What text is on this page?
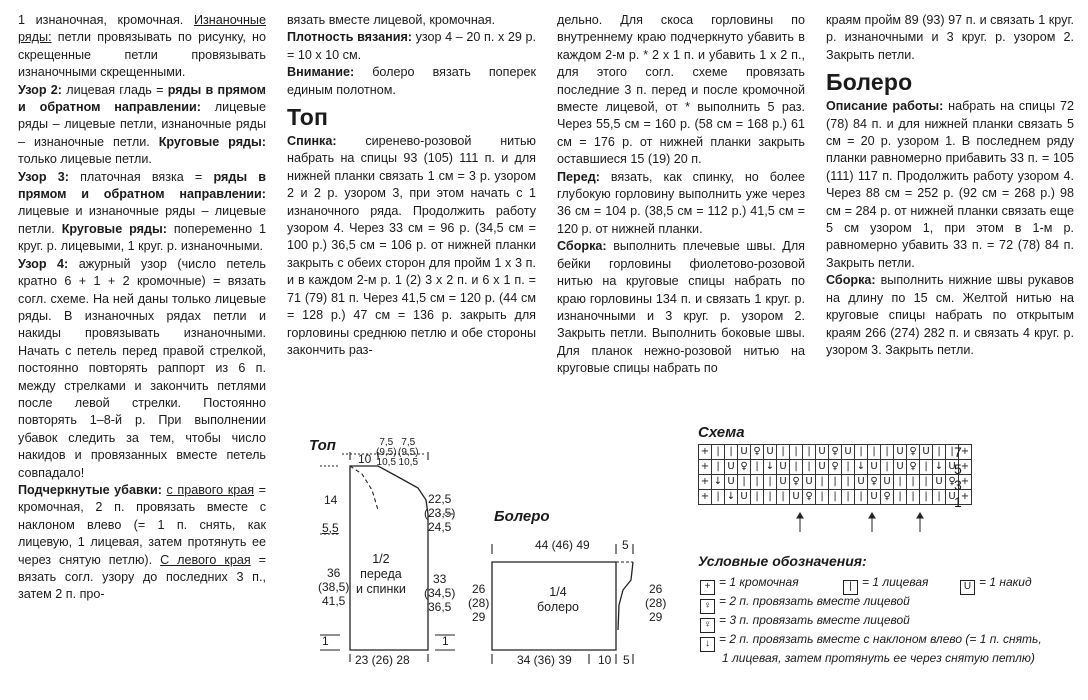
1 изнаночная, кромочная. Изнаночные ряды: петли провязывать по рисунку, но скрещенные петли провязывать изнаночными скрещенными.

Узор 2: лицевая гладь = ряды в прямом и обратном направлении: лицевые ряды – лицевые петли, изнаночные ряды – изнаночные петли. Круговые ряды: только лицевые петли.

Узор 3: платочная вязка = ряды в прямом и обратном направлении: лицевые и изнаночные ряды – лицевые петли. Круговые ряды: попеременно 1 круг. р. лицевыми, 1 круг. р. изнаночными.

Узор 4: ажурный узор (число петель кратно 6 + 1 + 2 кромочные) = вязать согл. схеме. На ней даны только лицевые ряды. В изнаночных рядах петли и накиды провязывать изнаночными. Начать с петель перед правой стрелкой, постоянно повторять раппорт из 6 п. между стрелками и закончить петлями после левой стрелки. Постоянно повторять 1–8-й р. При выполнении убавок следить за тем, чтобы число накидов и провязанных вместе петель совпадало!

Подчеркнутые убавки: с правого края = кромочная, 2 п. провязать вместе с наклоном влево (= 1 п. снять, как лицевую, 1 лицевая, затем протянуть ее через снятую петлю). С левого края = вязать согл. узору до последних 3 п., затем 2 п. про-

вязать вместе лицевой, кромочная.

Плотность вязания: узор 4 – 20 п. х 29 р. = 10 х 10 см.

Внимание: болеро вязать поперек единым полотном.

Топ

Спинка: сиренево-розовой нитью набрать на спицы 93 (105) 111 п. и для нижней планки связать 1 см = 3 р. узором 2 и 2 р. узором 3, при этом начать с 1 изнаночного ряда. Продолжить работу узором 4. Через 33 см = 96 р. (34,5 см = 100 р.) 36,5 см = 106 р. от нижней планки закрыть с обеих сторон для пройм 1 х 3 п. и в каждом 2-м р. 1 (2) 3 х 2 п. и 6 х 1 п. = 71 (79) 81 п. Через 41,5 см = 120 р. (44 см = 128 р.) 47 см = 136 р. закрыть для горловины среднюю петлю и обе стороны закончить раз-

дельно. Для скоса горловины по внутреннему краю подчеркнуто убавить в каждом 2-м р. * 2 х 1 п. и убавить 1 х 2 п., для этого согл. схеме провязать последние 3 п. перед и после кромочной вместе лицевой, от * выполнить 5 раз. Через 55,5 см = 160 р. (58 см = 168 р.) 61 см = 176 р. от нижней планки закрыть оставшиеся 15 (19) 20 п.

Перед: вязать, как спинку, но более глубокую горловину выполнить уже через 36 см = 104 р. (38,5 см = 112 р.) 41,5 см = 120 р. от нижней планки.

Сборка: выполнить плечевые швы. Для бейки горловины фиолетово-розовой нитью на круговые спицы набрать по краю горловины 134 п. и связать 1 круг. р. изнаночными и 3 круг. р. узором 2. Закрыть петли. Выполнить боковые швы. Для планок нежно-розовой нитью на круговые спицы набрать по

краям пройм 89 (93) 97 п. и связать 1 круг. р. изнаночными и 3 круг. р. узором 2. Закрыть петли.

Болеро

Описание работы: набрать на спицы 72 (78) 84 п. и для нижней планки связать 5 см = 20 р. узором 1. В последнем ряду планки равномерно прибавить 33 п. = 105 (111) 117 п. Продолжить работу узором 4. Через 88 см = 252 р. (92 см = 268 р.) 98 см = 284 р. от нижней планки связать еще 5 см узором 1, при этом в 1-м р. равномерно убавить 33 п. = 72 (78) 84 п. Закрыть петли.

Сборка: выполнить нижние швы рукавов на длину по 15 см. Желтой нитью на круговые спицы набрать по открытым краям 266 (274) 282 п. и связать 4 круг. р. узором 3. Закрыть петли.

Топ
10
7,5
(9,5)
10,5
7,5
(9,5)
10,5
14	22,5
(23,5)
24,5
5,5
36
(38,5)
41,5
33
(34,5)
36,5
1	1
23 (26) 28
1/2
переда
и спинки
Болеро
44 (46) 49	5
26
(28)
29
26
(28)
29
1/4
болеро
34 (36) 39 10 5
Схема
+	|	|	U	♀	U	|	|	|	U	♀	U	|	|	|	U	♀	U	|	|	+
+	|	U	♀	|	↓	U	|	|	U	♀	|	↓	U	|	U	♀	|	↓	U	+
+	↓	U	|	|	|	U	♀	U	|	|	|	U	♀	U	|	|	|	U	♀	+
+	|	↓	U	|	|	|	U	♀	|	|	|	|	U	♀	|	|	|	|	U	+
7
5
3
1
Условные обозначения:
+ = 1 кромочная	| = 1 лицевая	U = 1 накид
♀ = 2 п. провязать вместе лицевой
♀ = 3 п. провязать вместе лицевой
↓ = 2 п. провязать вместе с наклоном влево (= 1 п. снять,
1 лицевая, затем протянуть ее через снятую петлю)
